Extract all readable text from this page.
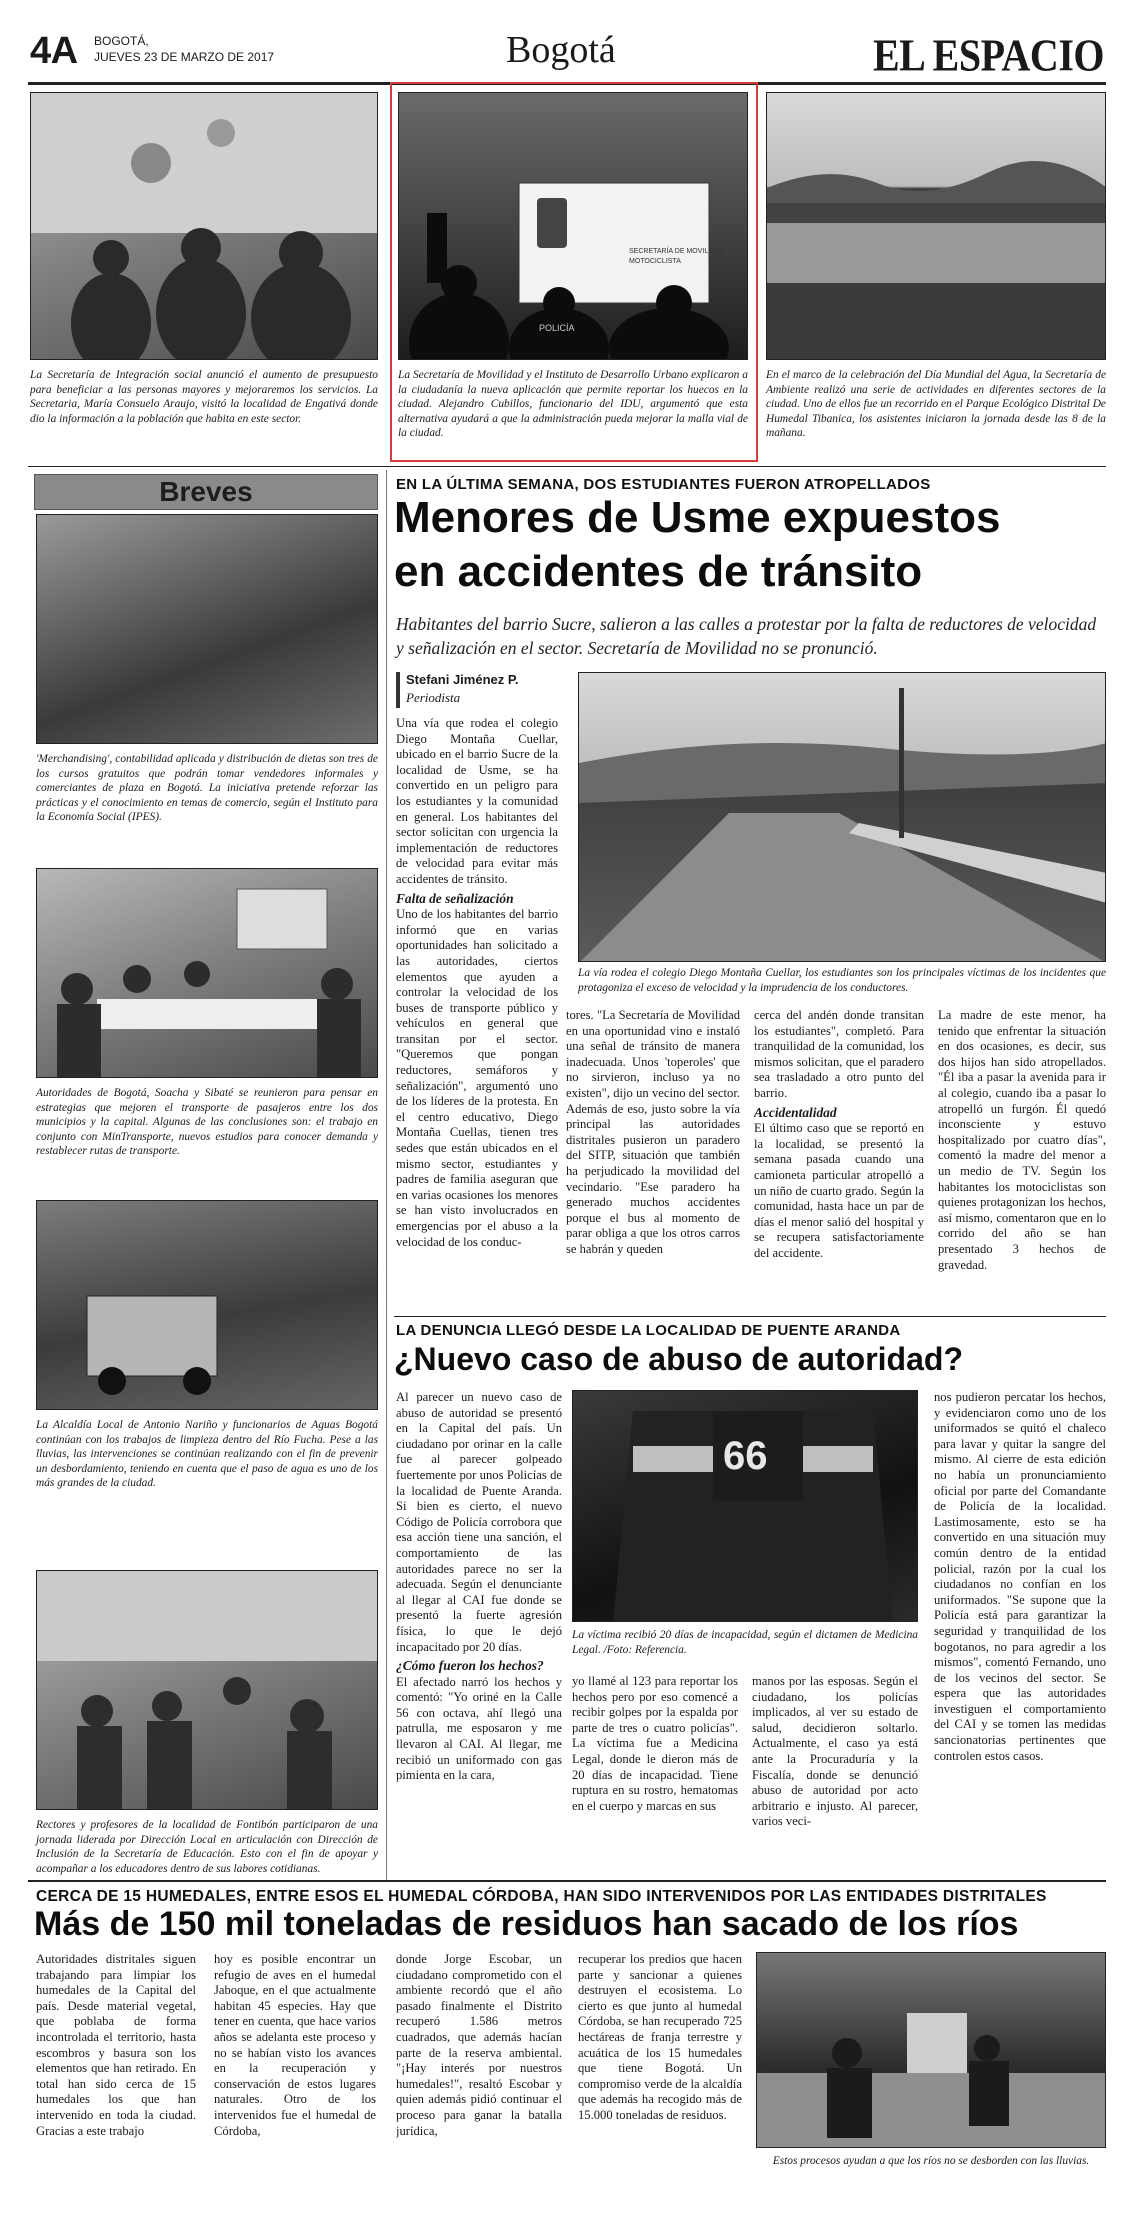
4A BOGOTÁ,
JUEVES 23 DE MARZO DE 2017	Bogotá	EL ESPACIO
La Secretaría de Integración social anunció el aumento de presupuesto para beneficiar a las personas mayores y mejoraremos los servicios. La Secretaria, María Consuelo Araujo, visitó la localidad de Engativá donde dio la información a la población que habita en este sector.
SECRETARÍA DE MOVILIDAD
MOTOCICLISTA
POLICÍA
La Secretaría de Movilidad y el Instituto de Desarrollo Urbano explicaron a la ciudadanía la nueva aplicación que permite reportar los huecos en la ciudad. Alejandro Cubillos, funcionario del IDU, argumentó que esta alternativa ayudará a que la administración pueda mejorar la malla vial de la ciudad.
En el marco de la celebración del Día Mundial del Agua, la Secretaría de Ambiente realizó una serie de actividades en diferentes sectores de la ciudad. Uno de ellos fue un recorrido en el Parque Ecológico Distrital De Humedal Tibanica, los asistentes iniciaron la jornada desde las 8 de la mañana.
Breves
'Merchandising', contabilidad aplicada y distribución de dietas son tres de los cursos gratuitos que podrán tomar vendedores informales y comerciantes de plaza en Bogotá. La iniciativa pretende reforzar las prácticas y el conocimiento en temas de comercio, según el Instituto para la Economía Social (IPES).
Autoridades de Bogotá, Soacha y Sibaté se reunieron para pensar en estrategias que mejoren el transporte de pasajeros entre los dos municipios y la capital. Algunas de las conclusiones son: el trabajo en conjunto con MinTransporte, nuevos estudios para conocer demanda y restablecer rutas de transporte.
La Alcaldía Local de Antonio Nariño y funcionarios de Aguas Bogotá continúan con los trabajos de limpieza dentro del Río Fucha. Pese a las lluvias, las intervenciones se continúan realizando con el fin de prevenir un desbordamiento, teniendo en cuenta que el paso de agua es uno de los más grandes de la ciudad.
Rectores y profesores de la localidad de Fontibón participaron de una jornada liderada por Dirección Local en articulación con Dirección de Inclusión de la Secretaría de Educación. Esto con el fin de apoyar y acompañar a los educadores dentro de sus labores cotidianas.
EN LA ÚLTIMA SEMANA, DOS ESTUDIANTES FUERON ATROPELLADOS
Menores de Usme expuestos
en accidentes de tránsito
Habitantes del barrio Sucre, salieron a las calles a protestar por la falta de reductores de velocidad y señalización en el sector. Secretaría de Movilidad no se pronunció.
Stefani Jiménez P.
Periodista
La vía rodea el colegio Diego Montaña Cuellar, los estudiantes son los principales víctimas de los incidentes que protagoniza el exceso de velocidad y la imprudencia de los conductores.

Una vía que rodea el colegio Diego Montaña Cuellar, ubicado en el barrio Sucre de la localidad de Usme, se ha convertido en un peligro para los estudiantes y la comunidad en general. Los habitantes del sector solicitan con urgencia la implementación de reductores de velocidad para evitar más accidentes de tránsito.

Falta de señalización

Uno de los habitantes del barrio informó que en varias oportunidades han solicitado a las autoridades, ciertos elementos que ayuden a controlar la velocidad de los buses de transporte público y vehículos en general que transitan por el sector. "Queremos que pongan reductores, semáforos y señalización", argumentó uno de los líderes de la protesta. En el centro educativo, Diego Montaña Cuellas, tienen tres sedes que están ubicados en el mismo sector, estudiantes y padres de familia aseguran que en varias ocasiones los menores se han visto involucrados en emergencias por el abuso a la velocidad de los conduc-

tores. "La Secretaría de Movilidad en una oportunidad vino e instaló una señal de tránsito de manera inadecuada. Unos 'toperoles' que no sirvieron, incluso ya no existen", dijo un vecino del sector. Además de eso, justo sobre la vía principal las autoridades distritales pusieron un paradero del SITP, situación que también ha perjudicado la movilidad del vecindario. "Ese paradero ha generado muchos accidentes porque el bus al momento de parar obliga a que los otros carros se habrán y queden

cerca del andén donde transitan los estudiantes", completó. Para tranquilidad de la comunidad, los mismos solicitan, que el paradero sea trasladado a otro punto del barrio.

Accidentalidad

El último caso que se reportó en la localidad, se presentó la semana pasada cuando una camioneta particular atropelló a un niño de cuarto grado. Según la comunidad, hasta hace un par de días el menor salió del hospital y se recupera satisfactoriamente del accidente.

La madre de este menor, ha tenido que enfrentar la situación en dos ocasiones, es decir, sus dos hijos han sido atropellados. "Él iba a pasar la avenida para ir al colegio, cuando iba a pasar lo atropelló un furgón. Él quedó inconsciente y estuvo hospitalizado por cuatro días", comentó la madre del menor a un medio de TV. Según los habitantes los motociclistas son quienes protagonizan los hechos, así mismo, comentaron que en lo corrido del año se han presentado 3 hechos de gravedad.

LA DENUNCIA LLEGÓ DESDE LA LOCALIDAD DE PUENTE ARANDA
¿Nuevo caso de abuso de autoridad?

Al parecer un nuevo caso de abuso de autoridad se presentó en la Capital del país. Un ciudadano por orinar en la calle fue al parecer golpeado fuertemente por unos Policías de la localidad de Puente Aranda. Si bien es cierto, el nuevo Código de Policía corrobora que esa acción tiene una sanción, el comportamiento de las autoridades parece no ser la adecuada. Según el denunciante al llegar al CAI fue donde se presentó la fuerte agresión física, lo que le dejó incapacitado por 20 días.

¿Cómo fueron los hechos?

El afectado narró los hechos y comentó: "Yo oriné en la Calle 56 con octava, ahí llegó una patrulla, me esposaron y me llevaron al CAI. Al llegar, me recibió un uniformado con gas pimienta en la cara,

66
La víctima recibió 20 días de incapacidad, según el dictamen de Medicina Legal. /Foto: Referencia.

yo llamé al 123 para reportar los hechos pero por eso comencé a recibir golpes por la espalda por parte de tres o cuatro policías". La víctima fue a Medicina Legal, donde le dieron más de 20 días de incapacidad. Tiene ruptura en su rostro, hematomas en el cuerpo y marcas en sus

manos por las esposas. Según el ciudadano, los policías implicados, al ver su estado de salud, decidieron soltarlo. Actualmente, el caso ya está ante la Procuraduría y la Fiscalía, donde se denunció abuso de autoridad por acto arbitrario e injusto. Al parecer, varios veci-

nos pudieron percatar los hechos, y evidenciaron como uno de los uniformados se quitó el chaleco para lavar y quitar la sangre del mismo. Al cierre de esta edición no había un pronunciamiento oficial por parte del Comandante de Policía de la localidad. Lastimosamente, esto se ha convertido en una situación muy común dentro de la entidad policial, razón por la cual los ciudadanos no confían en los uniformados. "Se supone que la Policía está para garantizar la seguridad y tranquilidad de los bogotanos, no para agredir a los mismos", comentó Fernando, uno de los vecinos del sector. Se espera que las autoridades investiguen el comportamiento del CAI y se tomen las medidas sancionatorias pertinentes que controlen estos casos.

CERCA DE 15 HUMEDALES, ENTRE ESOS EL HUMEDAL CÓRDOBA, HAN SIDO INTERVENIDOS POR LAS ENTIDADES DISTRITALES
Más de 150 mil toneladas de residuos han sacado de los ríos

Autoridades distritales siguen trabajando para limpiar los humedales de la Capital del país. Desde material vegetal, que poblaba de forma incontrolada el territorio, hasta escombros y basura son los elementos que han retirado. En total han sido cerca de 15 humedales los que han intervenido en toda la ciudad. Gracias a este trabajo

hoy es posible encontrar un refugio de aves en el humedal Jaboque, en el que actualmente habitan 45 especies. Hay que tener en cuenta, que hace varios años se adelanta este proceso y no se habían visto los avances en la recuperación y conservación de estos lugares naturales. Otro de los intervenidos fue el humedal de Córdoba,

donde Jorge Escobar, un ciudadano comprometido con el ambiente recordó que el año pasado finalmente el Distrito recuperó 1.586 metros cuadrados, que además hacían parte de la reserva ambiental. "¡Hay interés por nuestros humedales!", resaltó Escobar y quien además pidió continuar el proceso para ganar la batalla jurídica,

recuperar los predios que hacen parte y sancionar a quienes destruyen el ecosistema. Lo cierto es que junto al humedal Córdoba, se han recuperado 725 hectáreas de franja terrestre y acuática de los 15 humedales que tiene Bogotá. Un compromiso verde de la alcaldía que además ha recogido más de 15.000 toneladas de residuos.

Estos procesos ayudan a que los ríos no se desborden con las lluvias.
